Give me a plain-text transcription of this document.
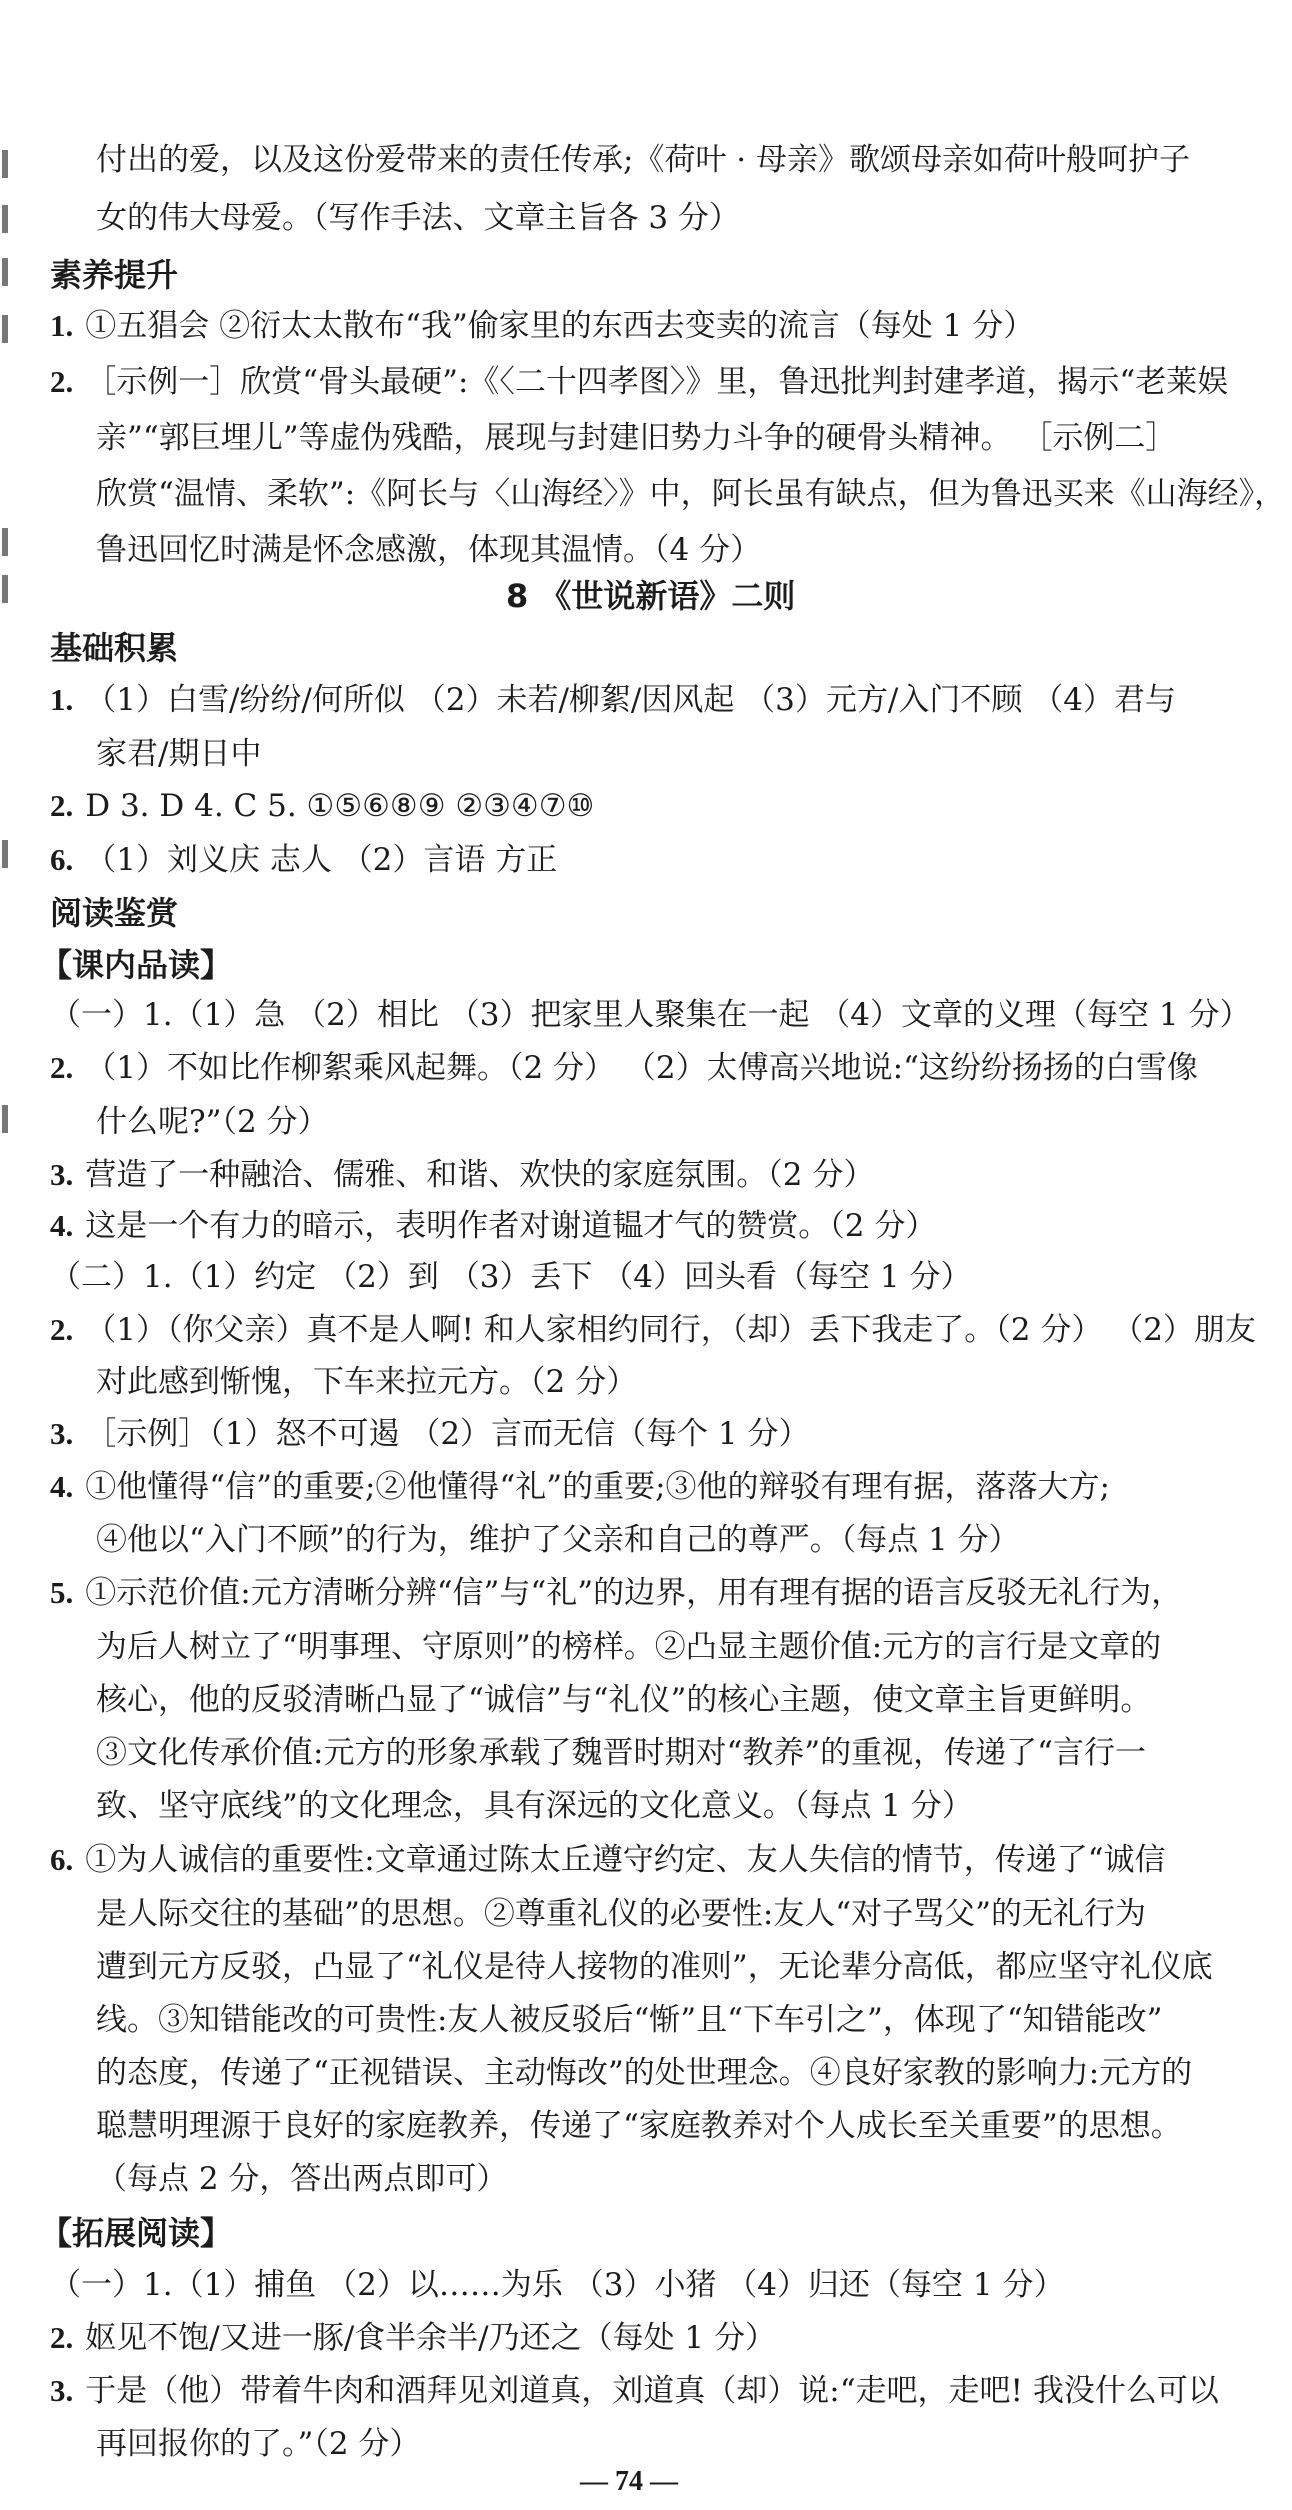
付出的爱，以及这份爱带来的责任传承;《荷叶 · 母亲》歌颂母亲如荷叶般呵护子
女的伟大母爱。（写作手法、文章主旨各 3 分）
素养提升
1. ①五猖会 ②衍太太散布“我”偷家里的东西去变卖的流言（每处 1 分）
2. ［示例一］欣赏“骨头最硬”:《〈二十四孝图〉》里，鲁迅批判封建孝道，揭示“老莱娱
亲”“郭巨埋儿”等虚伪残酷，展现与封建旧势力斗争的硬骨头精神。 ［示例二］
欣赏“温情、柔软”:《阿长与〈山海经〉》中，阿长虽有缺点，但为鲁迅买来《山海经》，
鲁迅回忆时满是怀念感激，体现其温情。（4 分）
8 《世说新语》二则
基础积累
1. （1）白雪/纷纷/何所似 （2）未若/柳絮/因风起 （3）元方/入门不顾 （4）君与
家君/期日中
2. D 3. D 4. C 5. ①⑤⑥⑧⑨ ②③④⑦⑩
6. （1）刘义庆 志人 （2）言语 方正
阅读鉴赏
【课内品读】
（一）1.（1）急 （2）相比 （3）把家里人聚集在一起 （4）文章的义理（每空 1 分）
2. （1）不如比作柳絮乘风起舞。（2 分） （2）太傅高兴地说:“这纷纷扬扬的白雪像
什么呢?”（2 分）
3. 营造了一种融洽、儒雅、和谐、欢快的家庭氛围。（2 分）
4. 这是一个有力的暗示，表明作者对谢道韫才气的赞赏。（2 分）
（二）1.（1）约定 （2）到 （3）丢下 （4）回头看（每空 1 分）
2. （1）（你父亲）真不是人啊! 和人家相约同行，（却）丢下我走了。（2 分） （2）朋友
对此感到惭愧，下车来拉元方。（2 分）
3. ［示例］（1）怒不可遏 （2）言而无信（每个 1 分）
4. ①他懂得“信”的重要;②他懂得“礼”的重要;③他的辩驳有理有据，落落大方;
④他以“入门不顾”的行为，维护了父亲和自己的尊严。（每点 1 分）
5. ①示范价值:元方清晰分辨“信”与“礼”的边界，用有理有据的语言反驳无礼行为，
为后人树立了“明事理、守原则”的榜样。②凸显主题价值:元方的言行是文章的
核心，他的反驳清晰凸显了“诚信”与“礼仪”的核心主题，使文章主旨更鲜明。
③文化传承价值:元方的形象承载了魏晋时期对“教养”的重视，传递了“言行一
致、坚守底线”的文化理念，具有深远的文化意义。（每点 1 分）
6. ①为人诚信的重要性:文章通过陈太丘遵守约定、友人失信的情节，传递了“诚信
是人际交往的基础”的思想。②尊重礼仪的必要性:友人“对子骂父”的无礼行为
遭到元方反驳，凸显了“礼仪是待人接物的准则”，无论辈分高低，都应坚守礼仪底
线。③知错能改的可贵性:友人被反驳后“惭”且“下车引之”，体现了“知错能改”
的态度，传递了“正视错误、主动悔改”的处世理念。④良好家教的影响力:元方的
聪慧明理源于良好的家庭教养，传递了“家庭教养对个人成长至关重要”的思想。
（每点 2 分，答出两点即可）
【拓展阅读】
（一）1.（1）捕鱼 （2）以……为乐 （3）小猪 （4）归还（每空 1 分）
2. 妪见不饱/又进一豚/食半余半/乃还之（每处 1 分）
3. 于是（他）带着牛肉和酒拜见刘道真，刘道真（却）说:“走吧，走吧! 我没什么可以
再回报你的了。”（2 分）
— 74 —
